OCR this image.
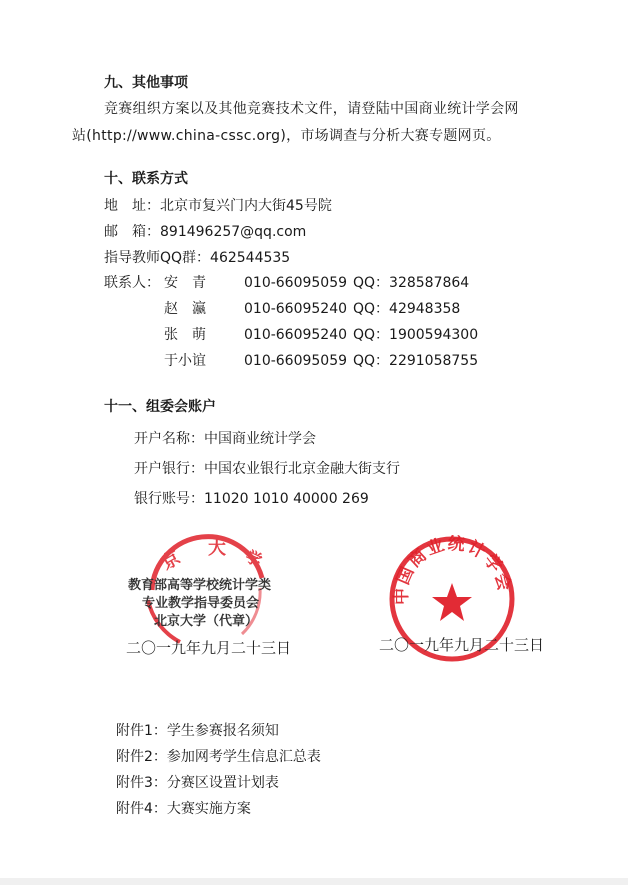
九、其他事项
竞赛组织方案以及其他竞赛技术文件，请登陆中国商业统计学会网
站(http://www.china-cssc.org)，市场调查与分析大赛专题网页。
十、联系方式
地　址：北京市复兴门内大街45号院
邮　箱：891496257@qq.com
指导教师QQ群：462544535
联系人： 安　青	010-66095059 QQ：328587864
赵　瀛	010-66095240 QQ：42948358
张　萌	010-66095240 QQ：1900594300
于小谊	010-66095059 QQ：2291058755
十一、组委会账户
开户名称：中国商业统计学会
开户银行：中国农业银行北京金融大街支行
银行账号：11020 1010 40000 269
京 大 学
教育部高等学校统计学类
专业教学指导委员会
北京大学（代章）
二〇一九年九月二十三日
中国商业统计学会
二〇一九年九月二十三日
附件1：学生参赛报名须知
附件2：参加网考学生信息汇总表
附件3：分赛区设置计划表
附件4：大赛实施方案
